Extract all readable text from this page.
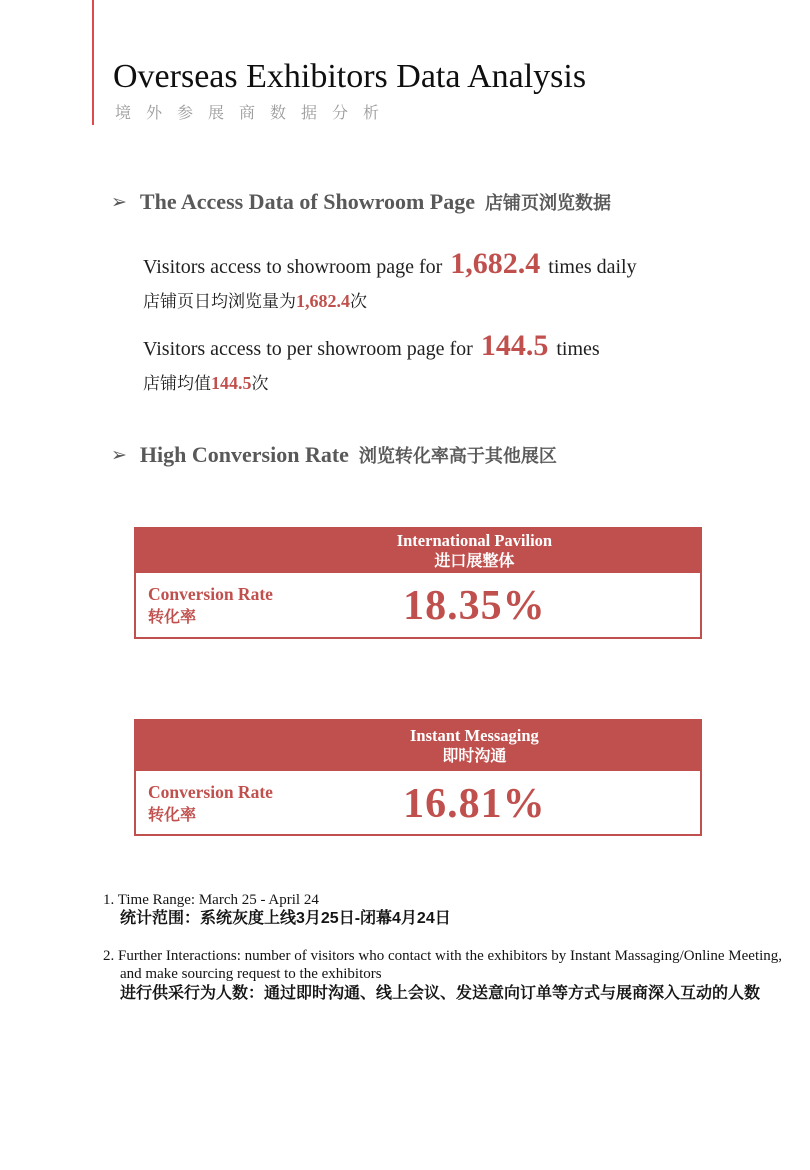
Overseas Exhibitors Data Analysis
境外参展商数据分析
➢ The Access Data of Showroom Page 店铺页浏览数据
Visitors access to showroom page for 1,682.4 times daily
店铺页日均浏览量为1,682.4次
Visitors access to per showroom page for 144.5 times
店铺均值144.5次
➢ High Conversion Rate 浏览转化率高于其他展区
International Pavilion
进口展整体
Conversion Rate
转化率	18.35%
Instant Messaging
即时沟通
Conversion Rate
转化率	16.81%
1. Time Range: March 25 - April 24
统计范围：系统灰度上线3月25日-闭幕4月24日
2. Further Interactions: number of visitors who contact with the exhibitors by Instant Massaging/Online Meeting, and make sourcing request to the exhibitors
进行供采行为人数：通过即时沟通、线上会议、发送意向订单等方式与展商深入互动的人数
